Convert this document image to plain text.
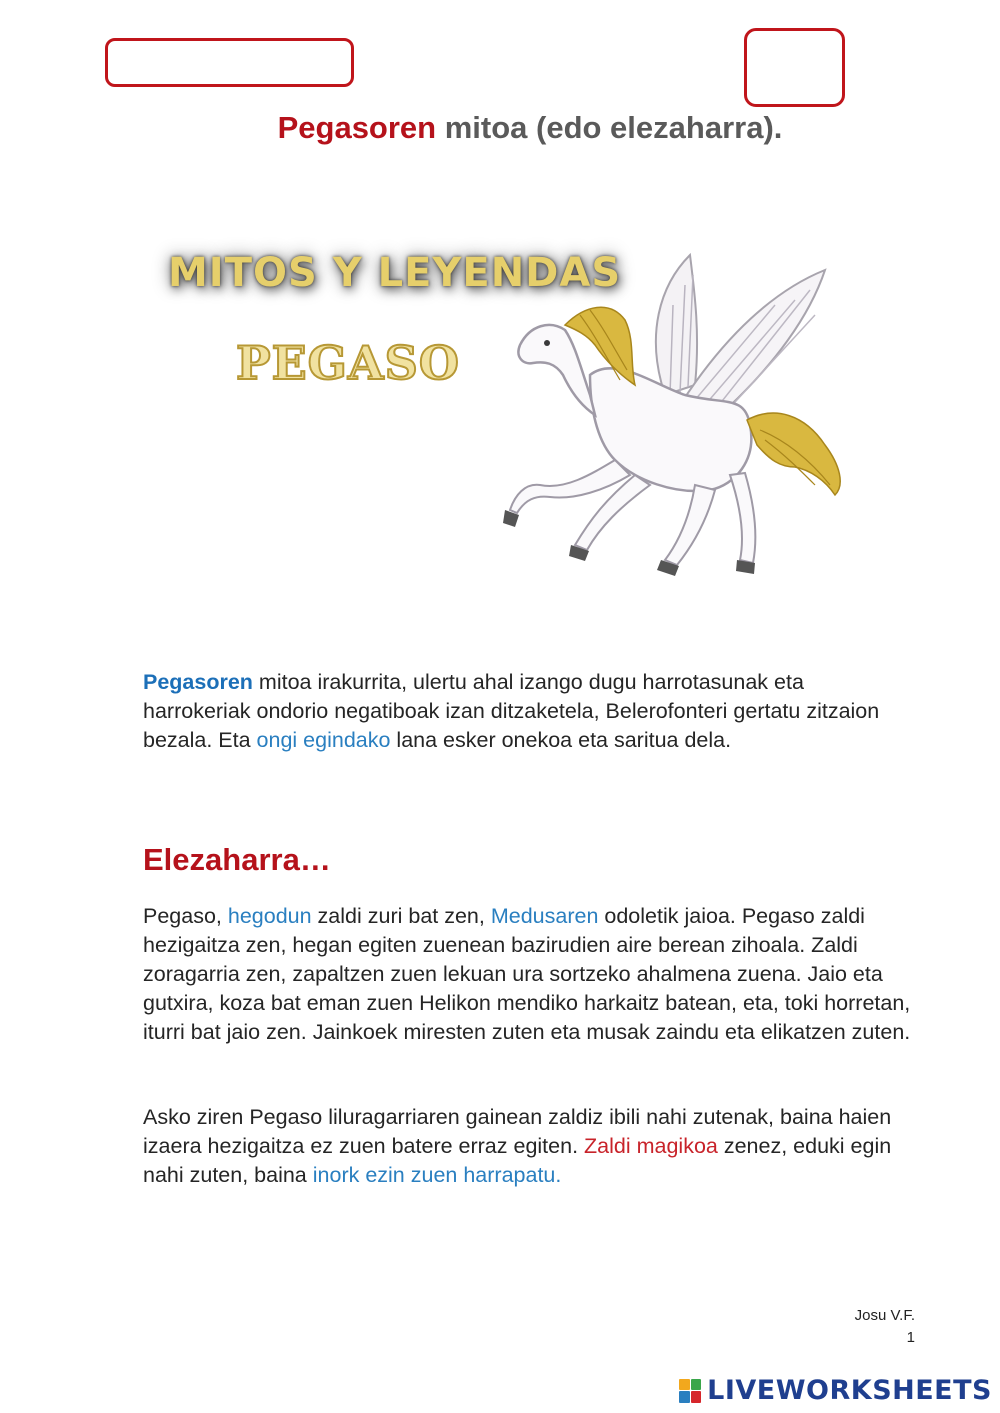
Pegasoren mitoa (edo elezaharra).
MITOS Y LEYENDAS
PEGASO
Pegasoren mitoa irakurrita, ulertu ahal izango dugu harrotasunak eta harrokeriak ondorio negatiboak izan ditzaketela, Belerofonteri gertatu zitzaion bezala. Eta ongi egindako lana esker onekoa eta saritua dela.
Elezaharra…
Pegaso, hegodun zaldi zuri bat zen, Medusaren odoletik jaioa. Pegaso zaldi hezigaitza zen, hegan egiten zuenean bazirudien aire berean zihoala. Zaldi zoragarria zen, zapaltzen zuen lekuan ura sortzeko ahalmena zuena. Jaio eta gutxira, koza bat eman zuen Helikon mendiko harkaitz batean, eta, toki horretan, iturri bat jaio zen. Jainkoek miresten zuten eta musak zaindu eta elikatzen zuten.
Asko ziren Pegaso liluragarriaren gainean zaldiz ibili nahi zutenak, baina haien izaera hezigaitza ez zuen batere erraz egiten. Zaldi magikoa zenez, eduki egin nahi zuten, baina inork ezin zuen harrapatu.
Josu V.F.
1
LIVEWORKSHEETS
